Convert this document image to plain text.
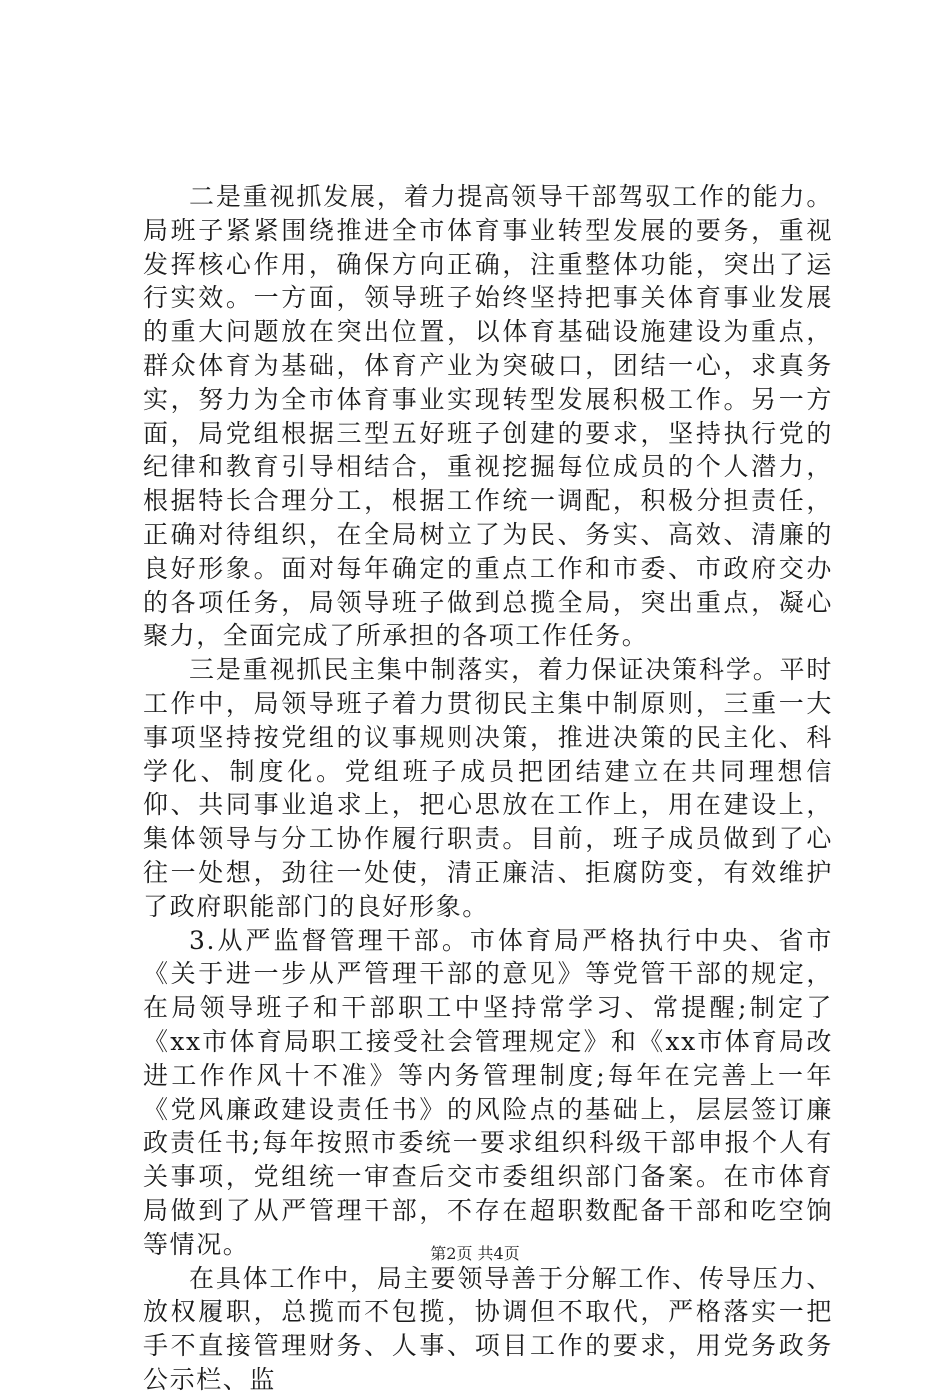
二是重视抓发展，着力提高领导干部驾驭工作的能力。局班子紧紧围绕推进全市体育事业转型发展的要务，重视发挥核心作用，确保方向正确，注重整体功能，突出了运行实效。一方面，领导班子始终坚持把事关体育事业发展的重大问题放在突出位置，以体育基础设施建设为重点，群众体育为基础，体育产业为突破口，团结一心，求真务实，努力为全市体育事业实现转型发展积极工作。另一方面，局党组根据三型五好班子创建的要求，坚持执行党的纪律和教育引导相结合，重视挖掘每位成员的个人潜力，根据特长合理分工，根据工作统一调配，积极分担责任，正确对待组织，在全局树立了为民、务实、高效、清廉的良好形象。面对每年确定的重点工作和市委、市政府交办的各项任务，局领导班子做到总揽全局，突出重点，凝心聚力，全面完成了所承担的各项工作任务。

三是重视抓民主集中制落实，着力保证决策科学。平时工作中，局领导班子着力贯彻民主集中制原则，三重一大事项坚持按党组的议事规则决策，推进决策的民主化、科学化、制度化。党组班子成员把团结建立在共同理想信仰、共同事业追求上，把心思放在工作上，用在建设上，集体领导与分工协作履行职责。目前，班子成员做到了心往一处想，劲往一处使，清正廉洁、拒腐防变，有效维护了政府职能部门的良好形象。

3.从严监督管理干部。市体育局严格执行中央、省市《关于进一步从严管理干部的意见》等党管干部的规定，在局领导班子和干部职工中坚持常学习、常提醒;制定了《xx市体育局职工接受社会管理规定》和《xx市体育局改进工作作风十不准》等内务管理制度;每年在完善上一年《党风廉政建设责任书》的风险点的基础上，层层签订廉政责任书;每年按照市委统一要求组织科级干部申报个人有关事项，党组统一审查后交市委组织部门备案。在市体育局做到了从严管理干部，不存在超职数配备干部和吃空饷等情况。

在具体工作中，局主要领导善于分解工作、传导压力、放权履职，总揽而不包揽，协调但不取代，严格落实一把手不直接管理财务、人事、项目工作的要求，用党务政务公示栏、监

第2页 共4页
